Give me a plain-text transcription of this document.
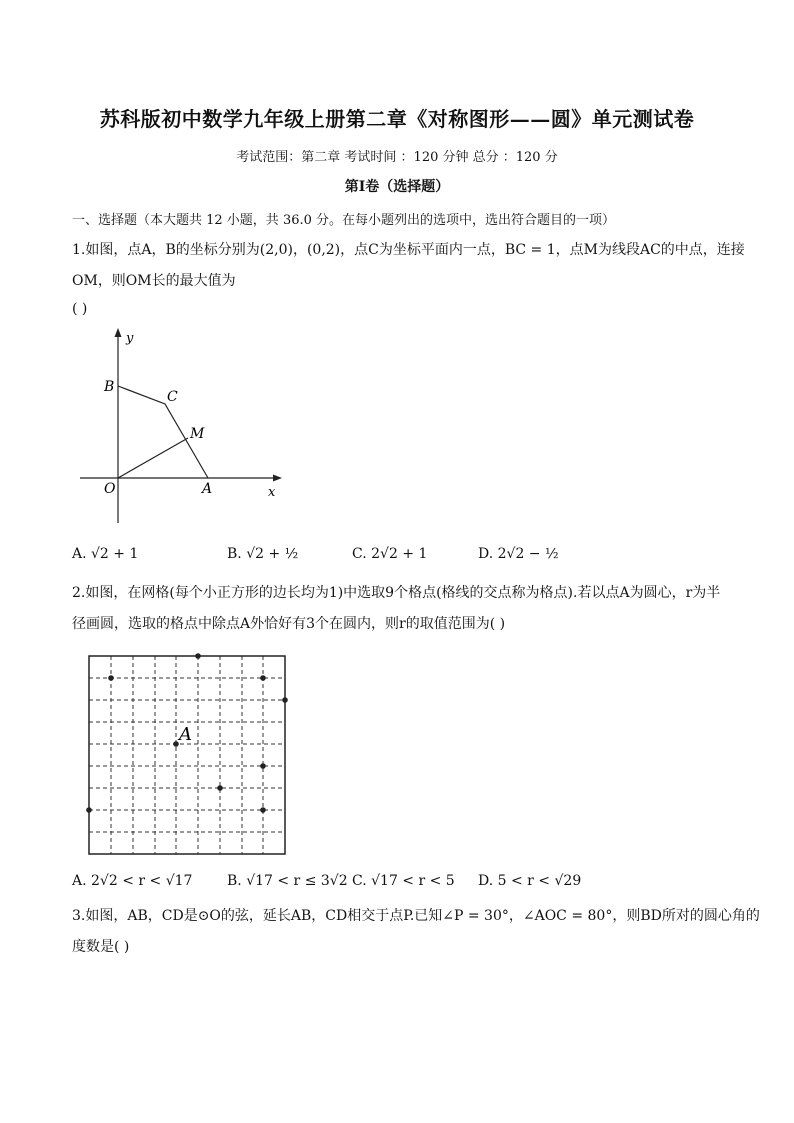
苏科版初中数学九年级上册第二章《对称图形——圆》单元测试卷
考试范围：第二章 考试时间 ：120 分钟 总分 ：120 分
第Ⅰ卷（选择题）
一、选择题（本大题共 12 小题，共 36.0 分。在每小题列出的选项中，选出符合题目的一项）
1.如图，点A，B的坐标分别为(2,0)，(0,2)，点C为坐标平面内一点，BC = 1，点M为线段AC的中点，连接
OM，则OM长的最大值为
( )
y
x
B
C
M
O	A
A. √2 + 1	B. √2 + ½	C. 2√2 + 1	D. 2√2 − ½
2.如图，在网格(每个小正方形的边长均为1)中选取9个格点(格线的交点称为格点).若以点A为圆心，r为半
径画圆，选取的格点中除点A外恰好有3个在圆内，则r的取值范围为( )
A
A. 2√2 < r < √17 B. √17 < r ≤ 3√2 C. √17 < r < 5 D. 5 < r < √29
3.如图，AB，CD是⊙O的弦，延长AB，CD相交于点P.已知∠P = 30°，∠AOC = 80°，则BD所对的圆心角的
度数是( )
